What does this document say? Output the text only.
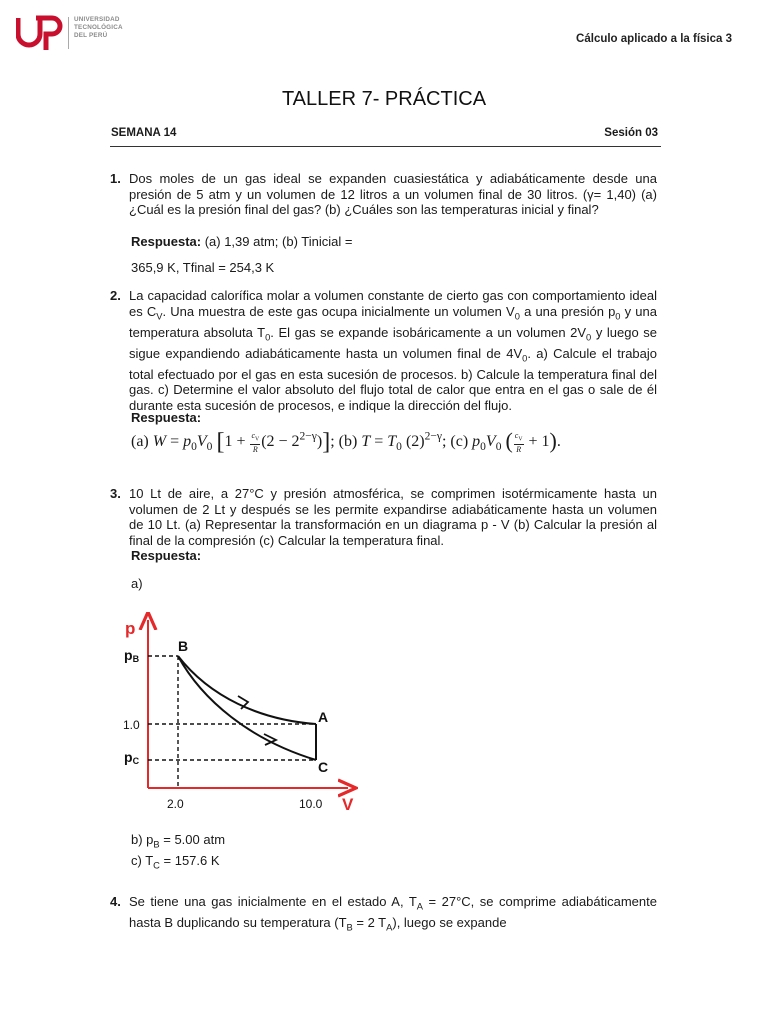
UNIVERSIDAD
TECNOLÓGICA
DEL PERÚ	Cálculo aplicado a la física 3
TALLER 7- PRÁCTICA
SEMANA 14	Sesión 03
1. Dos moles de un gas ideal se expanden cuasiestática y adiabáticamente desde una presión de 5 atm y un volumen de 12 litros a un volumen final de 30 litros. (γ= 1,40) (a) ¿Cuál es la presión final del gas? (b) ¿Cuáles son las temperaturas inicial y final?
Respuesta: (a) 1,39 atm; (b) Tinicial =
365,9 K, Tfinal = 254,3 K
2. La capacidad calorífica molar a volumen constante de cierto gas con comportamiento ideal es $C_V$. Una muestra de este gas ocupa inicialmente un volumen $V_0$ a una presión $p_0$ y una temperatura absoluta $T_0$. El gas se expande isobáricamente a un volumen $2V_0$ y luego se sigue expandiendo adiabáticamente hasta un volumen final de $4V_0$. a) Calcule el trabajo total efectuado por el gas en esta sucesión de procesos. b) Calcule la temperatura final del gas. c) Determine el valor absoluto del flujo total de calor que entra en el gas o sale de él durante esta sucesión de procesos, e indique la dirección del flujo.
Respuesta:
(a) $W = p_0V_0$ $[1 + \frac{c_V}{R}(2 - 2^{2-\gamma})]$; (b) $T = T_0$ $(2)^{2-\gamma}$; (c) $p_0V_0$ ( $\frac{c_V}{R} + 1$).
3. 10 Lt de aire, a 27°C y presión atmosférica, se comprimen isotérmicamente hasta un volumen de 2 Lt y después se les permite expandirse adiabáticamente hasta un volumen de 10 Lt. (a) Representar la transformación en un diagrama p - V (b) Calcular la presión al final de la compresión (c) Calcular la temperatura final.
Respuesta:
a)
p
V
B
A
C
pB
1.0
pC
2.0	10.0
b) $p_B = 5.00$ atm
c) $T_C = 157.6$ K
4. Se tiene una gas inicialmente en el estado A, $T_A = 27^\circ C$, se comprime adiabáticamente hasta B duplicando su temperatura ($T_B = 2$ $T_A$), luego se expande
